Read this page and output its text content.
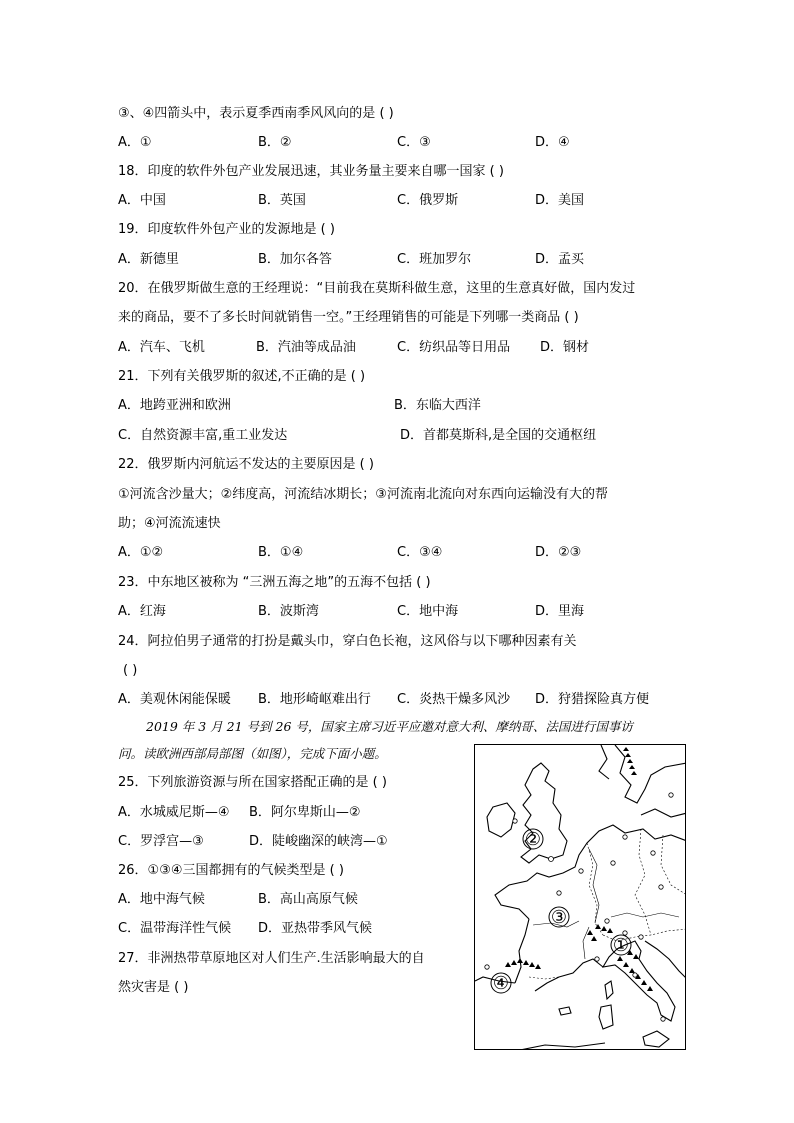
③、④四箭头中，表示夏季西南季风风向的是 ( )
A．①	B．②	C．③	D．④
18．印度的软件外包产业发展迅速，其业务量主要来自哪一国家 ( )
A．中国	B．英国	C．俄罗斯	D．美国
19．印度软件外包产业的发源地是 ( )
A．新德里	B．加尔各答	C．班加罗尔	D．孟买
20．在俄罗斯做生意的王经理说：“目前我在莫斯科做生意，这里的生意真好做，国内发过
来的商品，要不了多长时间就销售一空。”王经理销售的可能是下列哪一类商品 ( )
A．汽车、飞机	B．汽油等成品油	C．纺织品等日用品 D．钢材
21．下列有关俄罗斯的叙述,不正确的是 ( )
A．地跨亚洲和欧洲	B．东临大西洋
C．自然资源丰富,重工业发达	D．首都莫斯科,是全国的交通枢纽
22．俄罗斯内河航运不发达的主要原因是 ( )
①河流含沙量大；②纬度高，河流结冰期长；③河流南北流向对东西向运输没有大的帮
助；④河流流速快
A．①②	B．①④	C．③④	D．②③
23．中东地区被称为 “三洲五海之地”的五海不包括 ( )
A．红海	B．波斯湾	C．地中海	D．里海
24．阿拉伯男子通常的打扮是戴头巾，穿白色长袍，这风俗与以下哪种因素有关
( )
A．美观休闲能保暖 B．地形崎岖难出行 C．炎热干燥多风沙 D．狩猎探险真方便
2019 年 3 月 21 号到 26 号，国家主席习近平应邀对意大利、摩纳哥、法国进行国事访
问。读欧洲西部局部图（如图），完成下面小题。
25．下列旅游资源与所在国家搭配正确的是 ( )
A．水城威尼斯—④ B．阿尔卑斯山—②
C．罗浮宫—③	D．陡峻幽深的峡湾—①
26．①③④三国都拥有的气候类型是 ( )
A．地中海气候	B．高山高原气候
C．温带海洋性气候 D．亚热带季风气候
27．非洲热带草原地区对人们生产.生活影响最大的自
然灾害是 ( )
②
③
①
④
